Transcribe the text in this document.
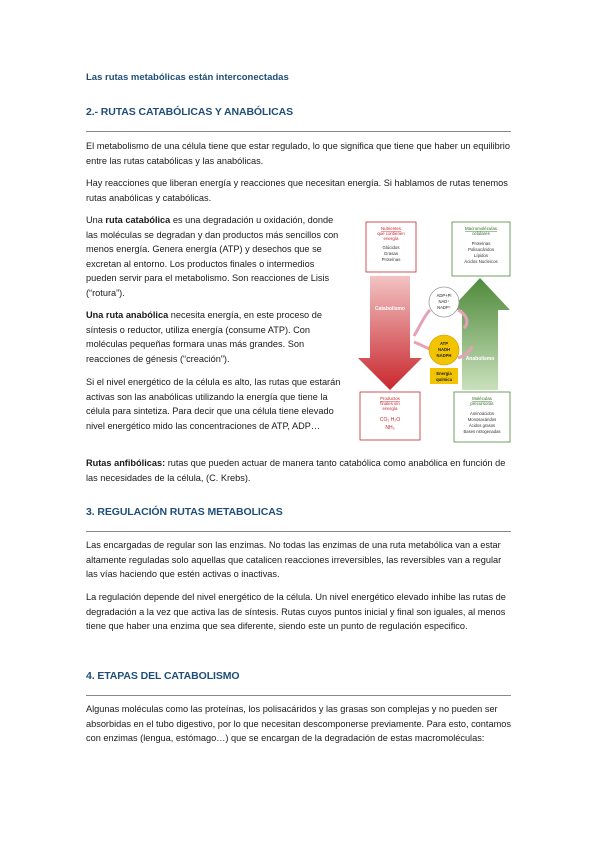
Las rutas metabólicas están interconectadas
2.- RUTAS CATABÓLICAS Y ANABÓLICAS

El metabolismo de una célula tiene que estar regulado, lo que significa que tiene que haber un equilibrio entre las rutas catabólicas y las anabólicas.

Hay reacciones que liberan energía y reacciones que necesitan energía. Si hablamos de rutas tenemos rutas anabólicas y catabólicas.

Una ruta catabólica es una degradación u oxidación, donde las moléculas se degradan y dan productos más sencillos con menos energía. Genera energía (ATP) y desechos que se excretan al entorno. Los productos finales o intermedios pueden servir para el metabolismo. Son reacciones de Lisis (“rotura”).

Una ruta anabólica necesita energía, en este proceso de síntesis o reductor, utiliza energía (consume ATP). Con moléculas pequeñas formara unas más grandes. Son reacciones de génesis (“creación”).

Si el nivel energético de la célula es alto, las rutas que estarán activas son las anabólicas utilizando la energía que tiene la célula para sintetiza. Para decir que una célula tiene elevado nivel energético mido las concentraciones de ATP, ADP…

Rutas anfibólicas: rutas que pueden actuar de manera tanto catabólica como anabólica en función de las necesidades de la célula, (C. Krebs).

Nutrientes
que contienen
energía
Glúcidos
Grasas
Proteínas
Macromoléculas
celulares
Proteínas
Polisacáridos
Lípidos
Ácidos Nucleicos
Catabolismo
Anabolismo
ADP+Pi
NAD⁺
NADP⁺
ATP
NADH
NADPH
Energía
química
Productos
finales sin
energía
CO₂ H₂O
NH₃
Moléculas
precursoras
Aminoácidos
Monosacáridos
Ácidos grasos
Bases nitrogenadas
3. REGULACIÓN RUTAS METABOLICAS

Las encargadas de regular son las enzimas. No todas las enzimas de una ruta metabólica van a estar altamente reguladas solo aquellas que catalicen reacciones irreversibles, las reversibles van a regular las vías haciendo que estén activas o inactivas.

La regulación depende del nivel energético de la célula. Un nivel energético elevado inhibe las rutas de degradación a la vez que activa las de síntesis. Rutas cuyos puntos inicial y final son iguales, al menos tiene que haber una enzima que sea diferente, siendo este un punto de regulación especifico.

4. ETAPAS DEL CATABOLISMO

Algunas moléculas como las proteínas, los polisacáridos y las grasas son complejas y no pueden ser absorbidas en el tubo digestivo, por lo que necesitan descomponerse previamente. Para esto, contamos con enzimas (lengua, estómago…) que se encargan de la degradación de estas macromoléculas:
